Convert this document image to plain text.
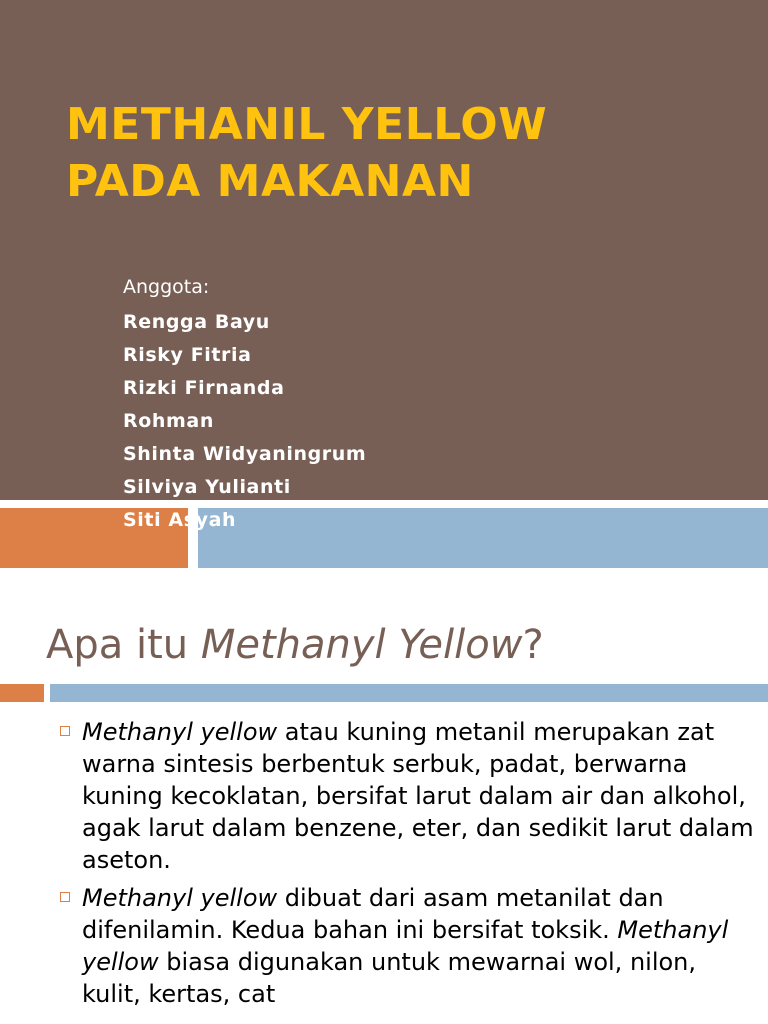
METHANIL YELLOW
PADA MAKANAN
Anggota:
Rengga Bayu
Risky Fitria
Rizki Firnanda
Rohman
Shinta Widyaningrum
Silviya Yulianti
Siti Asyah
Apa itu Methanyl Yellow?
Methanyl yellow atau kuning metanil merupakan zat warna sintesis berbentuk serbuk, padat, berwarna kuning kecoklatan, bersifat larut dalam air dan alkohol, agak larut dalam benzene, eter, dan sedikit larut dalam aseton.
Methanyl yellow dibuat dari asam metanilat dan difenilamin. Kedua bahan ini bersifat toksik. Methanyl yellow biasa digunakan untuk mewarnai wol, nilon, kulit, kertas, cat
